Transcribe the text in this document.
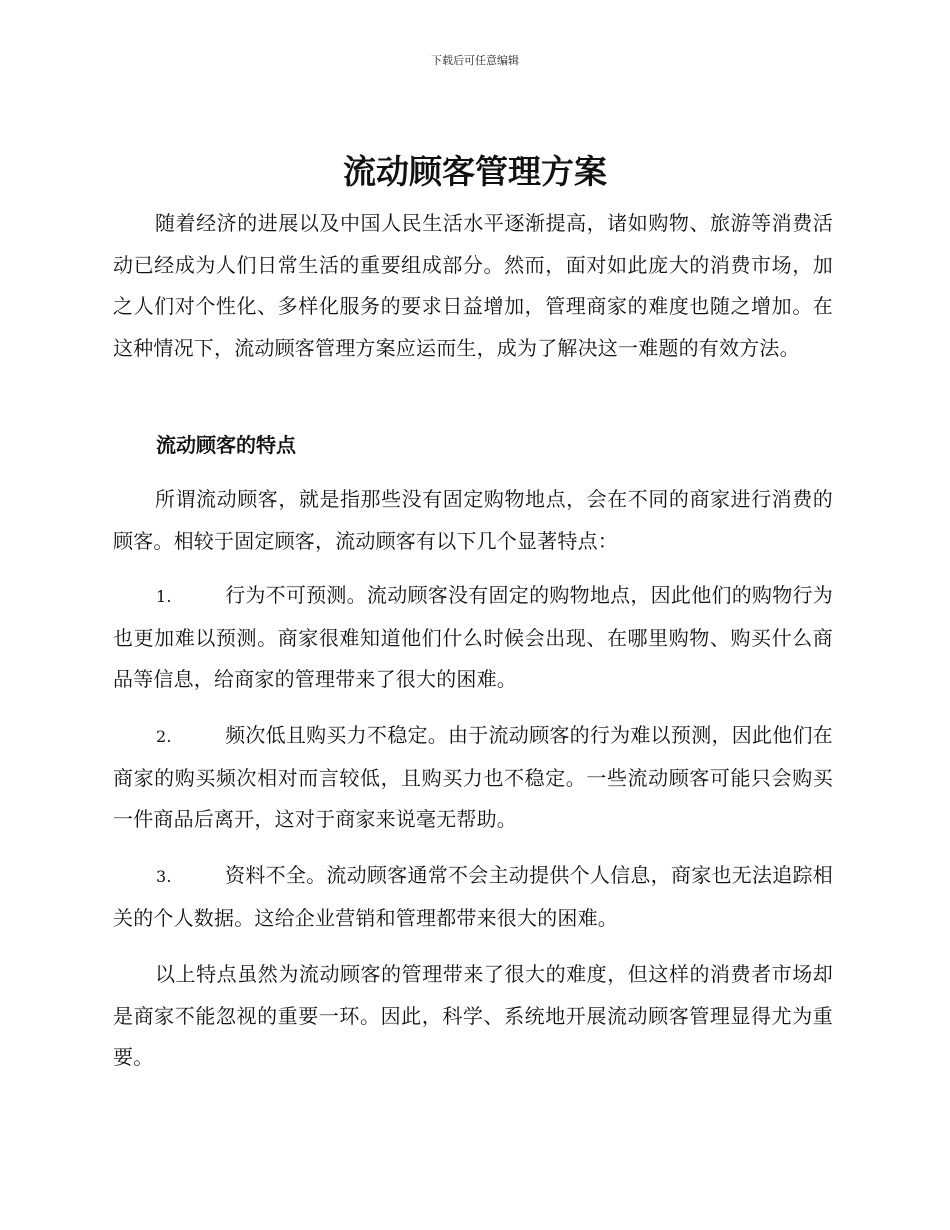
下载后可任意编辑
流动顾客管理方案

随着经济的进展以及中国人民生活水平逐渐提高，诸如购物、旅游等消费活动已经成为人们日常生活的重要组成部分。然而，面对如此庞大的消费市场，加之人们对个性化、多样化服务的要求日益增加，管理商家的难度也随之增加。在这种情况下，流动顾客管理方案应运而生，成为了解决这一难题的有效方法。

流动顾客的特点

所谓流动顾客，就是指那些没有固定购物地点，会在不同的商家进行消费的顾客。相较于固定顾客，流动顾客有以下几个显著特点：

1.	行为不可预测。流动顾客没有固定的购物地点，因此他们的购物行为也更加难以预测。商家很难知道他们什么时候会出现、在哪里购物、购买什么商品等信息，给商家的管理带来了很大的困难。

2.	频次低且购买力不稳定。由于流动顾客的行为难以预测，因此他们在商家的购买频次相对而言较低，且购买力也不稳定。一些流动顾客可能只会购买一件商品后离开，这对于商家来说毫无帮助。

3.	资料不全。流动顾客通常不会主动提供个人信息，商家也无法追踪相关的个人数据。这给企业营销和管理都带来很大的困难。

以上特点虽然为流动顾客的管理带来了很大的难度，但这样的消费者市场却是商家不能忽视的重要一环。因此，科学、系统地开展流动顾客管理显得尤为重要。
